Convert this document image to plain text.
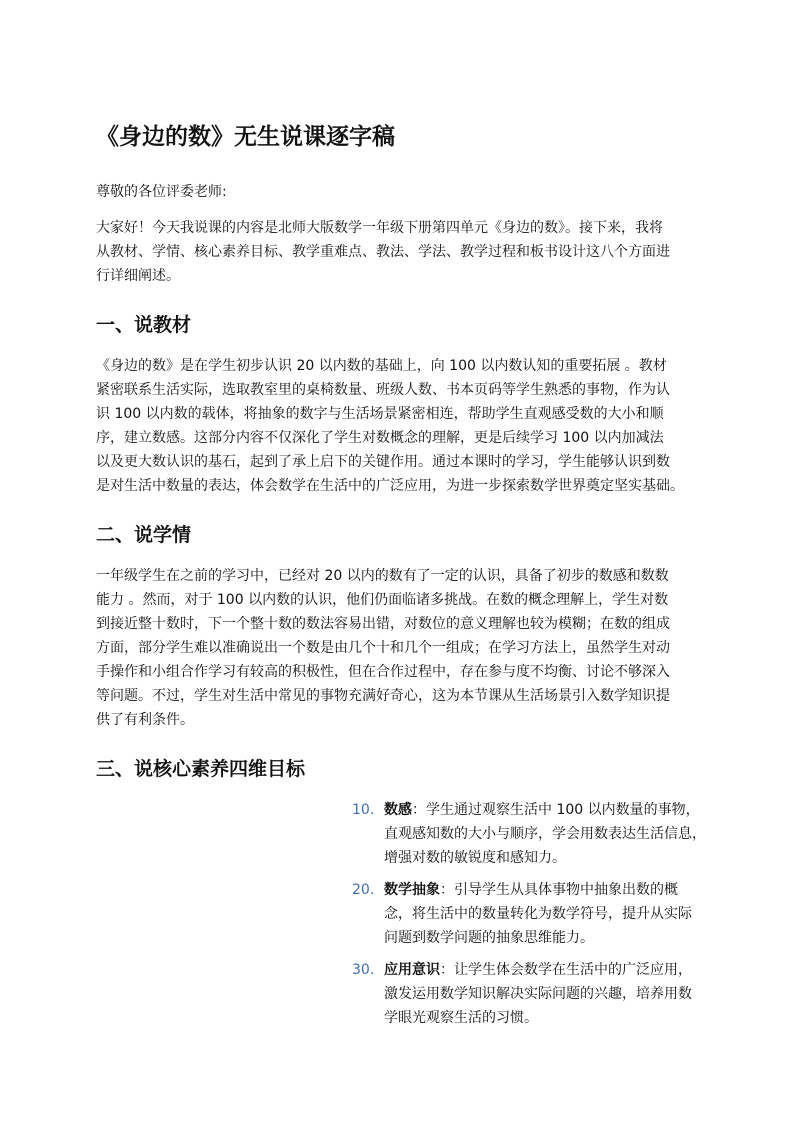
《身边的数》无生说课逐字稿

尊敬的各位评委老师:

大家好！今天我说课的内容是北师大版数学一年级下册第四单元《身边的数》。接下来，我将
从教材、学情、核心素养目标、教学重难点、教法、学法、教学过程和板书设计这八个方面进
行详细阐述。

一、说教材

《身边的数》是在学生初步认识 20 以内数的基础上，向 100 以内数认知的重要拓展 。教材
紧密联系生活实际，选取教室里的桌椅数量、班级人数、书本页码等学生熟悉的事物，作为认
识 100 以内数的载体，将抽象的数字与生活场景紧密相连，帮助学生直观感受数的大小和顺
序，建立数感。这部分内容不仅深化了学生对数概念的理解，更是后续学习 100 以内加减法
以及更大数认识的基石，起到了承上启下的关键作用。通过本课时的学习，学生能够认识到数
是对生活中数量的表达，体会数学在生活中的广泛应用，为进一步探索数学世界奠定坚实基础。

二、说学情

一年级学生在之前的学习中，已经对 20 以内的数有了一定的认识，具备了初步的数感和数数
能力 。然而，对于 100 以内数的认识，他们仍面临诸多挑战。在数的概念理解上，学生对数
到接近整十数时，下一个整十数的数法容易出错，对数位的意义理解也较为模糊；在数的组成
方面，部分学生难以准确说出一个数是由几个十和几个一组成；在学习方法上，虽然学生对动
手操作和小组合作学习有较高的积极性，但在合作过程中，存在参与度不均衡、讨论不够深入
等问题。不过，学生对生活中常见的事物充满好奇心，这为本节课从生活场景引入数学知识提
供了有利条件。

三、说核心素养四维目标
10. 数感：学生通过观察生活中 100 以内数量的事物，
直观感知数的大小与顺序，学会用数表达生活信息，
增强对数的敏锐度和感知力。
20. 数学抽象：引导学生从具体事物中抽象出数的概
念，将生活中的数量转化为数学符号，提升从实际
问题到数学问题的抽象思维能力。
30. 应用意识：让学生体会数学在生活中的广泛应用，
激发运用数学知识解决实际问题的兴趣，培养用数
学眼光观察生活的习惯。
